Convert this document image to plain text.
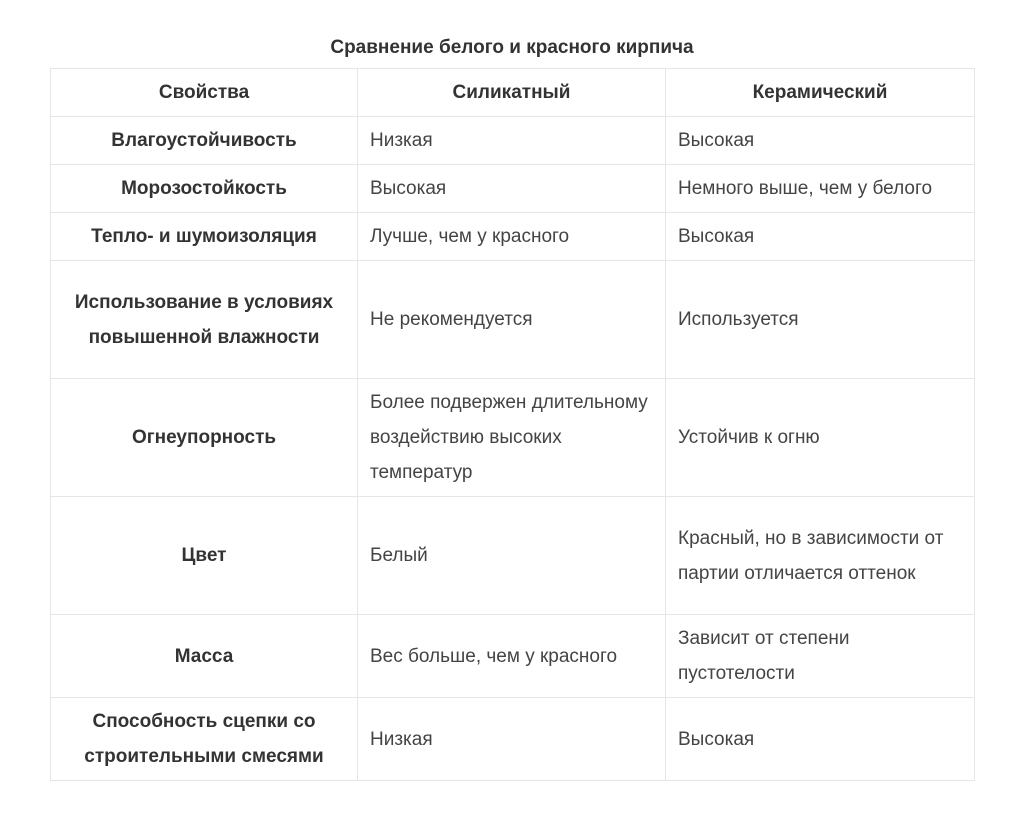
Сравнение белого и красного кирпича
Свойства	Силикатный	Керамический
Влагоустойчивость	Низкая	Высокая
Морозостойкость	Высокая	Немного выше, чем у белого
Тепло- и шумоизоляция	Лучше, чем у красного	Высокая
Использование в условиях повышенной влажности	Не рекомендуется	Используется
Огнеупорность	Более подвержен длительному воздействию высоких температур	Устойчив к огню
Цвет	Белый	Красный, но в зависимости от партии отличается оттенок
Масса	Вес больше, чем у красного	Зависит от степени пустотелости
Способность сцепки со строительными смесями	Низкая	Высокая
